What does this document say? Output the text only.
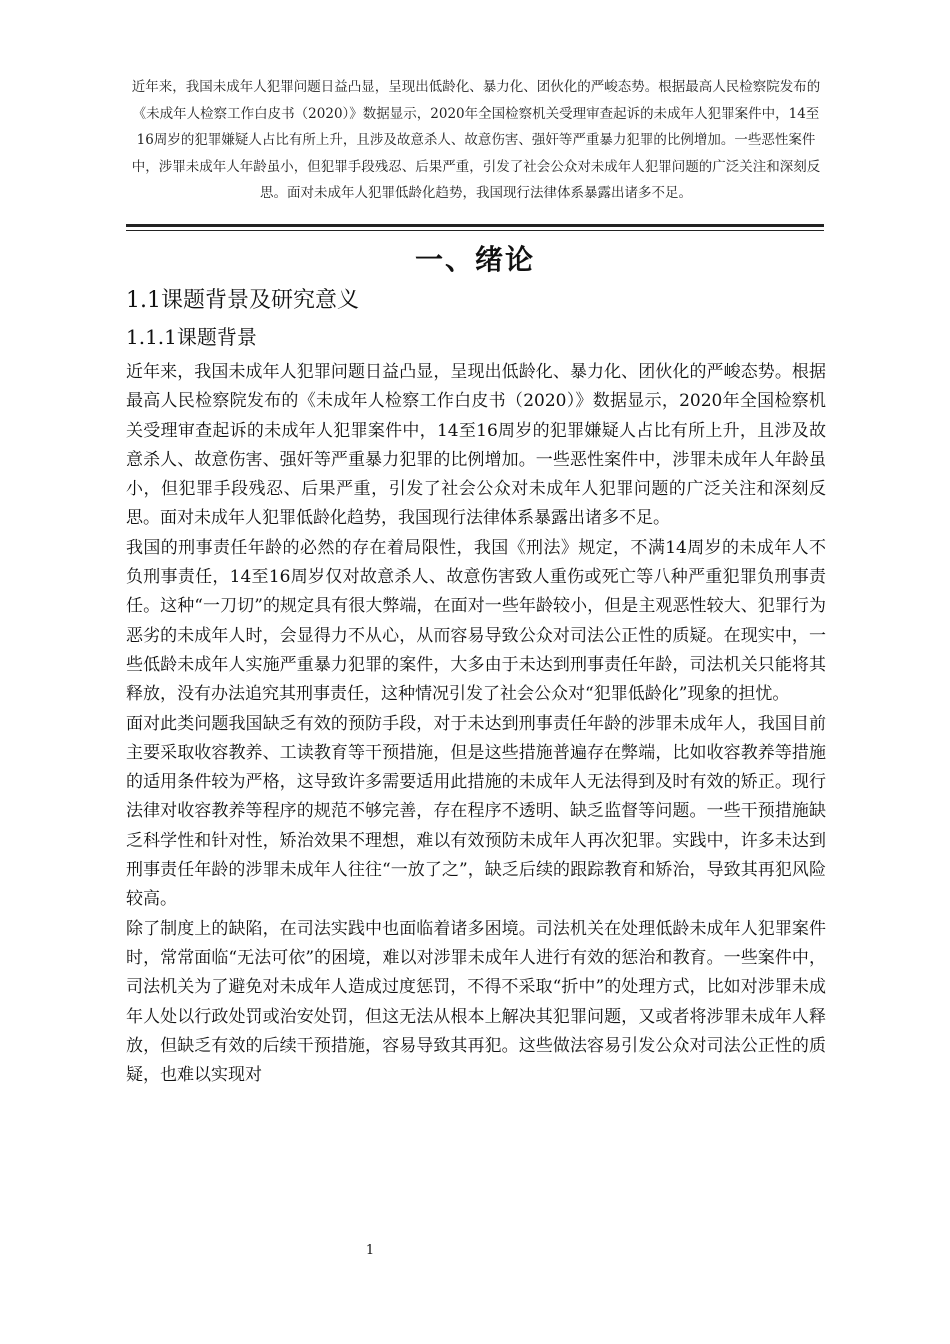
近年来，我国未成年人犯罪问题日益凸显，呈现出低龄化、暴力化、团伙化的严峻态势。根据最高人民检察院发布的《未成年人检察工作白皮书（2020）》数据显示，2020年全国检察机关受理审查起诉的未成年人犯罪案件中，14至16周岁的犯罪嫌疑人占比有所上升，且涉及故意杀人、故意伤害、强奸等严重暴力犯罪的比例增加。一些恶性案件中，涉罪未成年人年龄虽小，但犯罪手段残忍、后果严重，引发了社会公众对未成年人犯罪问题的广泛关注和深刻反思。面对未成年人犯罪低龄化趋势，我国现行法律体系暴露出诸多不足。
一、绪论
1.1课题背景及研究意义
1.1.1课题背景

近年来，我国未成年人犯罪问题日益凸显，呈现出低龄化、暴力化、团伙化的严峻态势。根据最高人民检察院发布的《未成年人检察工作白皮书（2020）》数据显示，2020年全国检察机关受理审查起诉的未成年人犯罪案件中，14至16周岁的犯罪嫌疑人占比有所上升，且涉及故意杀人、故意伤害、强奸等严重暴力犯罪的比例增加。一些恶性案件中，涉罪未成年人年龄虽小，但犯罪手段残忍、后果严重，引发了社会公众对未成年人犯罪问题的广泛关注和深刻反思。面对未成年人犯罪低龄化趋势，我国现行法律体系暴露出诸多不足。

我国的刑事责任年龄的必然的存在着局限性，我国《刑法》规定，不满14周岁的未成年人不负刑事责任，14至16周岁仅对故意杀人、故意伤害致人重伤或死亡等八种严重犯罪负刑事责任。这种“一刀切”的规定具有很大弊端，在面对一些年龄较小，但是主观恶性较大、犯罪行为恶劣的未成年人时，会显得力不从心，从而容易导致公众对司法公正性的质疑。在现实中，一些低龄未成年人实施严重暴力犯罪的案件，大多由于未达到刑事责任年龄，司法机关只能将其释放，没有办法追究其刑事责任，这种情况引发了社会公众对“犯罪低龄化”现象的担忧。

面对此类问题我国缺乏有效的预防手段，对于未达到刑事责任年龄的涉罪未成年人，我国目前主要采取收容教养、工读教育等干预措施，但是这些措施普遍存在弊端，比如收容教养等措施的适用条件较为严格，这导致许多需要适用此措施的未成年人无法得到及时有效的矫正。现行法律对收容教养等程序的规范不够完善，存在程序不透明、缺乏监督等问题。一些干预措施缺乏科学性和针对性，矫治效果不理想，难以有效预防未成年人再次犯罪。实践中，许多未达到刑事责任年龄的涉罪未成年人往往“一放了之”，缺乏后续的跟踪教育和矫治，导致其再犯风险较高。

除了制度上的缺陷，在司法实践中也面临着诸多困境。司法机关在处理低龄未成年人犯罪案件时，常常面临“无法可依”的困境，难以对涉罪未成年人进行有效的惩治和教育。一些案件中，司法机关为了避免对未成年人造成过度惩罚，不得不采取“折中”的处理方式，比如对涉罪未成年人处以行政处罚或治安处罚，但这无法从根本上解决其犯罪问题，又或者将涉罪未成年人释放，但缺乏有效的后续干预措施，容易导致其再犯。这些做法容易引发公众对司法公正性的质疑，也难以实现对

1
